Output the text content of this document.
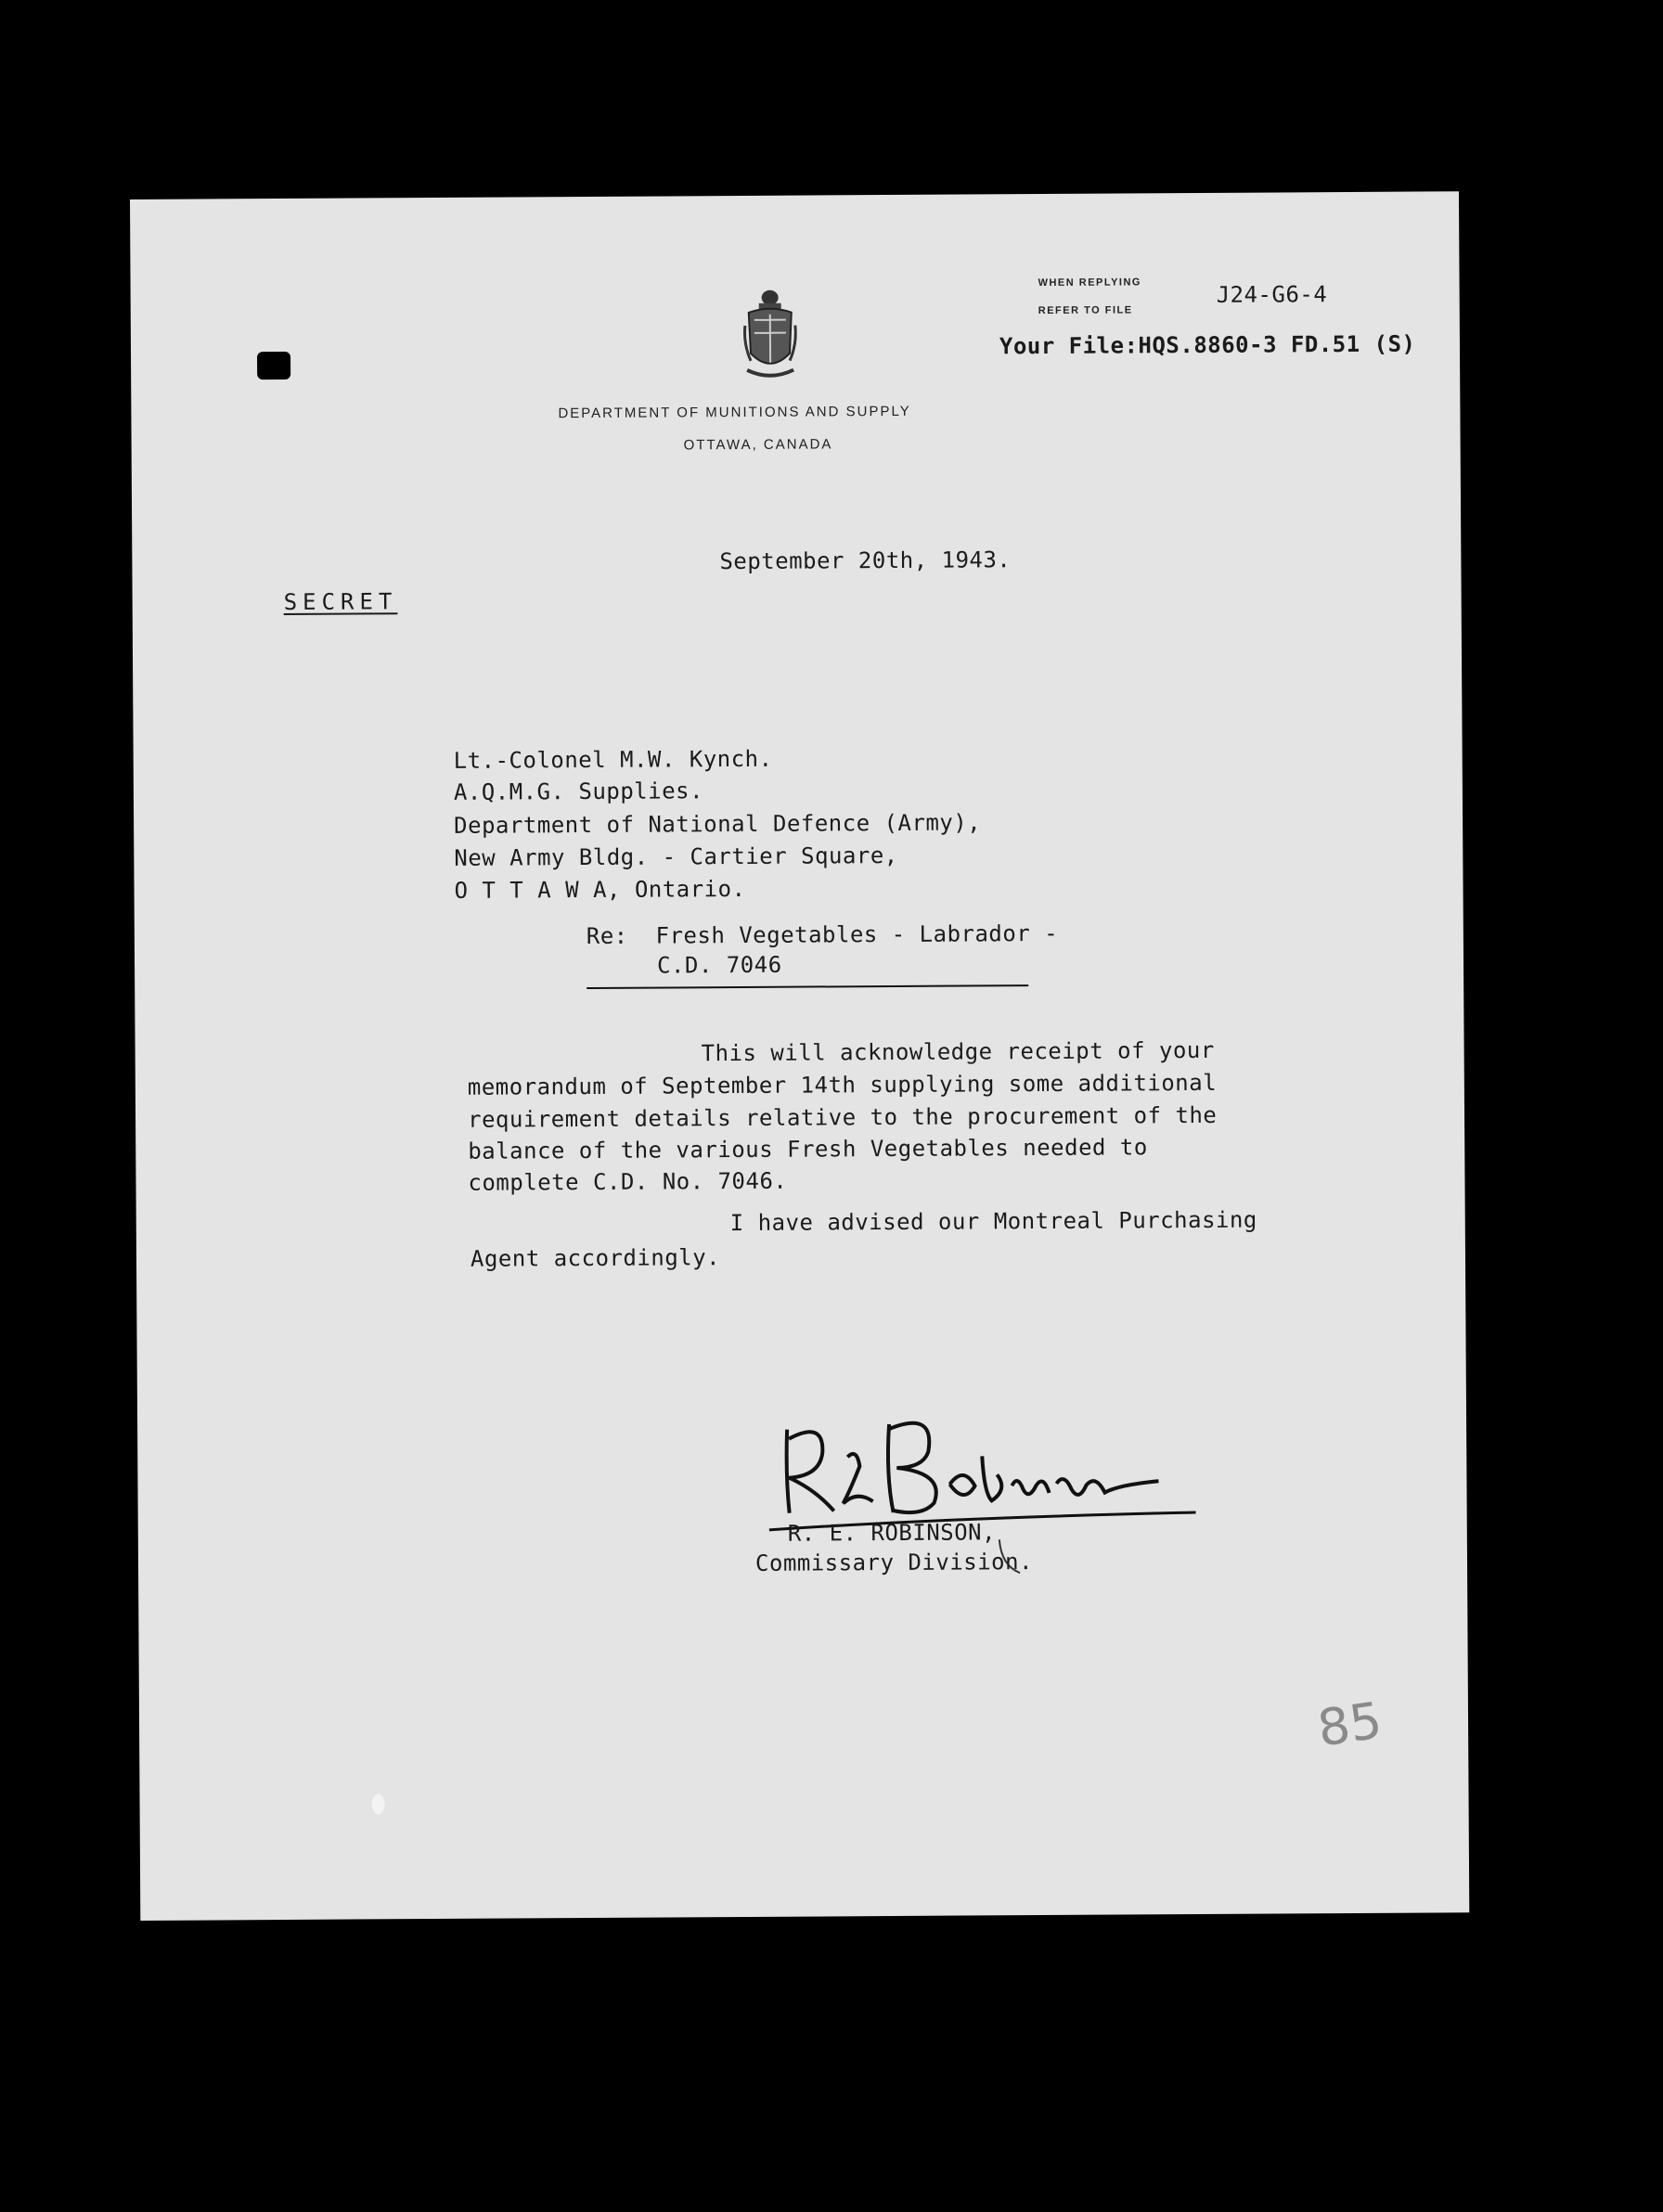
DEPARTMENT OF MUNITIONS AND SUPPLY
OTTAWA, CANADA
WHEN REPLYING
REFER TO FILE
J24-G6-4
Your File:HQS.8860-3 FD.51 (S)
September 20th, 1943.
SECRET
Lt.-Colonel M.W. Kynch.
A.Q.M.G. Supplies.
Department of National Defence (Army),
New Army Bldg. - Cartier Square,
O T T A W A, Ontario.
Re:  Fresh Vegetables - Labrador -
C.D. 7046
This will acknowledge receipt of your
memorandum of September 14th supplying some additional
requirement details relative to the procurement of the
balance of the various Fresh Vegetables needed to
complete C.D. No. 7046.
I have advised our Montreal Purchasing
Agent accordingly.
R. E. ROBINSON,
Commissary Division.
85
